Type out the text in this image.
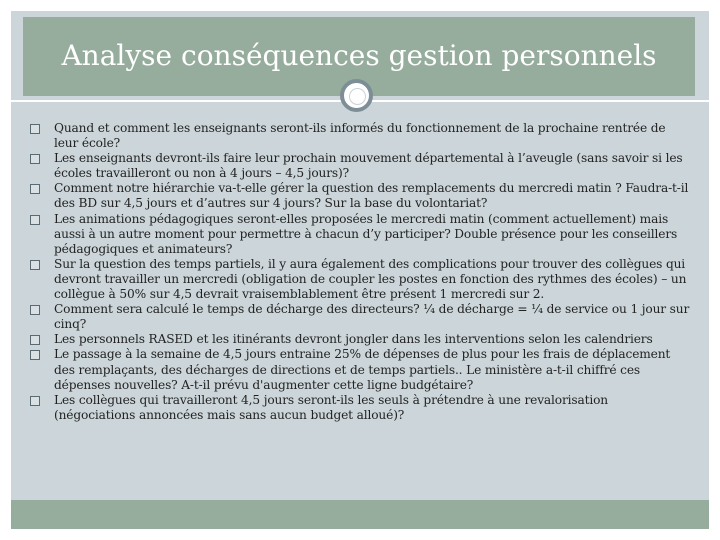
Analyse conséquences gestion personnels
Quand et comment les enseignants seront-ils informés du fonctionnement de la prochaine rentrée de leur école?
Les enseignants devront-ils faire leur prochain mouvement départemental à l’aveugle (sans savoir si les écoles travailleront ou non à 4 jours – 4,5 jours)?
Comment notre hiérarchie va-t-elle gérer la question des remplacements du mercredi matin ? Faudra-t-il des BD sur 4,5 jours et d’autres sur 4 jours? Sur la base du volontariat?
Les animations pédagogiques seront-elles proposées le mercredi matin (comment actuellement) mais aussi à un autre moment pour permettre à chacun d’y participer? Double présence pour les conseillers pédagogiques et animateurs?
Sur la question des temps partiels, il y aura également des complications pour trouver des collègues qui devront travailler un mercredi (obligation de coupler les postes en fonction des rythmes des écoles) – un collègue à 50% sur 4,5 devrait vraisemblablement être présent 1 mercredi sur 2.
Comment sera calculé le temps de décharge des directeurs? ¼ de décharge = ¼ de service ou 1 jour sur cinq?
Les personnels RASED et les itinérants devront jongler dans les interventions selon les calendriers
Le passage à la semaine de 4,5 jours entraine 25% de dépenses de plus pour les frais de déplacement des remplaçants, des décharges de directions et de temps partiels.. Le ministère a-t-il chiffré ces dépenses nouvelles? A-t-il prévu d'augmenter cette ligne budgétaire?
Les collègues qui travailleront 4,5 jours seront-ils les seuls à prétendre à une revalorisation (négociations annoncées mais sans aucun budget alloué)?
